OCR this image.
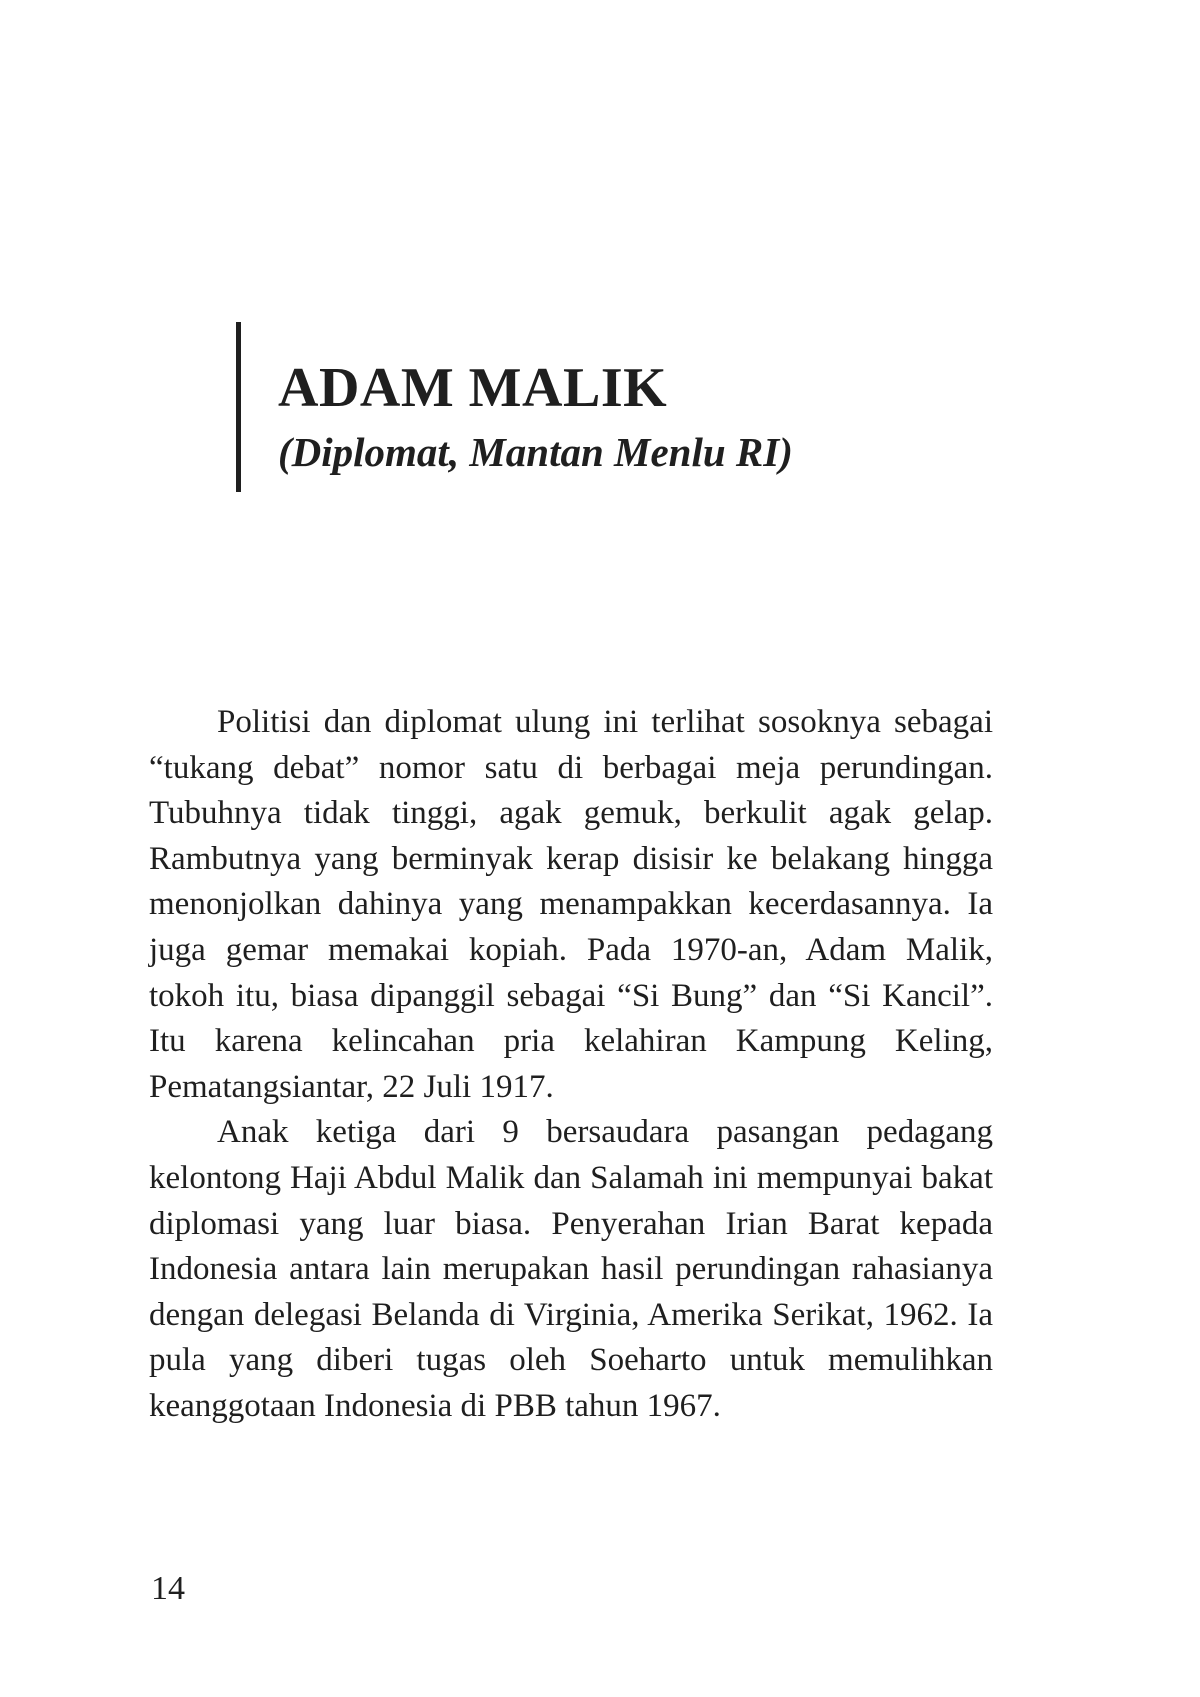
ADAM MALIK
(Diplomat, Mantan Menlu RI)

Politisi dan diplomat ulung ini terlihat sosoknya sebagai “tukang debat” nomor satu di berbagai meja perundingan. Tubuhnya tidak tinggi, agak gemuk, berkulit agak gelap. Rambutnya yang berminyak kerap disisir ke belakang hingga menonjolkan dahinya yang menampakkan kecerdasannya. Ia juga gemar memakai kopiah. Pada 1970-an, Adam Malik, tokoh itu, biasa dipanggil sebagai “Si Bung” dan “Si Kancil”. Itu karena kelincahan pria kelahiran Kampung Keling, Pematangsiantar, 22 Juli 1917.

Anak ketiga dari 9 bersaudara pasangan pedagang kelontong Haji Abdul Malik dan Salamah ini mempunyai bakat diplomasi yang luar biasa. Penyerahan Irian Barat kepada Indonesia antara lain merupakan hasil perundingan rahasianya dengan delegasi Belanda di Virginia, Amerika Serikat, 1962. Ia pula yang diberi tugas oleh Soeharto untuk memulihkan keanggotaan Indonesia di PBB tahun 1967.

14
